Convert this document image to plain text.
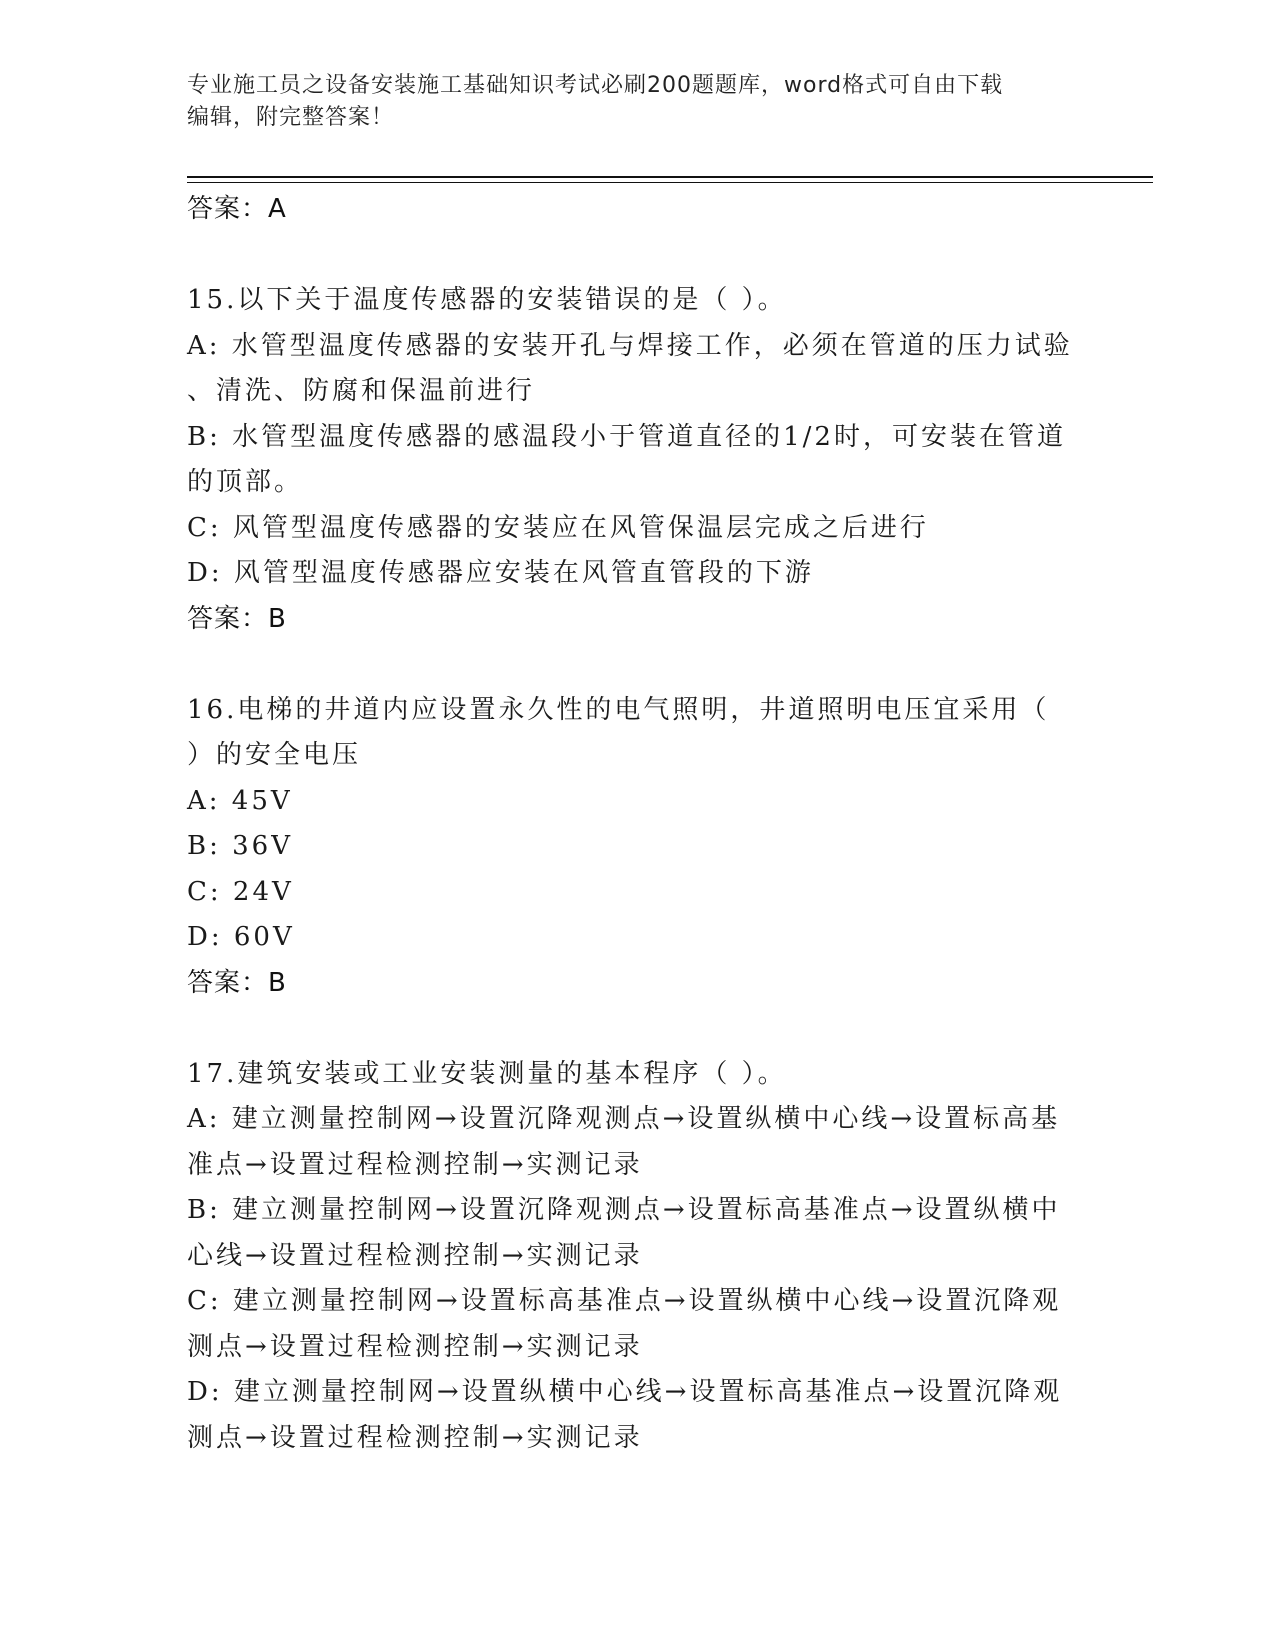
专业施工员之设备安装施工基础知识考试必刷200题题库，word格式可自由下载
编辑，附完整答案！
答案：A
15.以下关于温度传感器的安装错误的是（ ）。
A: 水管型温度传感器的安装开孔与焊接工作，必须在管道的压力试验
、清洗、防腐和保温前进行
B: 水管型温度传感器的感温段小于管道直径的1/2时，可安装在管道
的顶部。
C: 风管型温度传感器的安装应在风管保温层完成之后进行
D: 风管型温度传感器应安装在风管直管段的下游
答案：B
16.电梯的井道内应设置永久性的电气照明，井道照明电压宜采用（
）的安全电压
A: 45V
B: 36V
C: 24V
D: 60V
答案：B
17.建筑安装或工业安装测量的基本程序（ ）。
A: 建立测量控制网→设置沉降观测点→设置纵横中心线→设置标高基
准点→设置过程检测控制→实测记录
B: 建立测量控制网→设置沉降观测点→设置标高基准点→设置纵横中
心线→设置过程检测控制→实测记录
C: 建立测量控制网→设置标高基准点→设置纵横中心线→设置沉降观
测点→设置过程检测控制→实测记录
D: 建立测量控制网→设置纵横中心线→设置标高基准点→设置沉降观
测点→设置过程检测控制→实测记录
